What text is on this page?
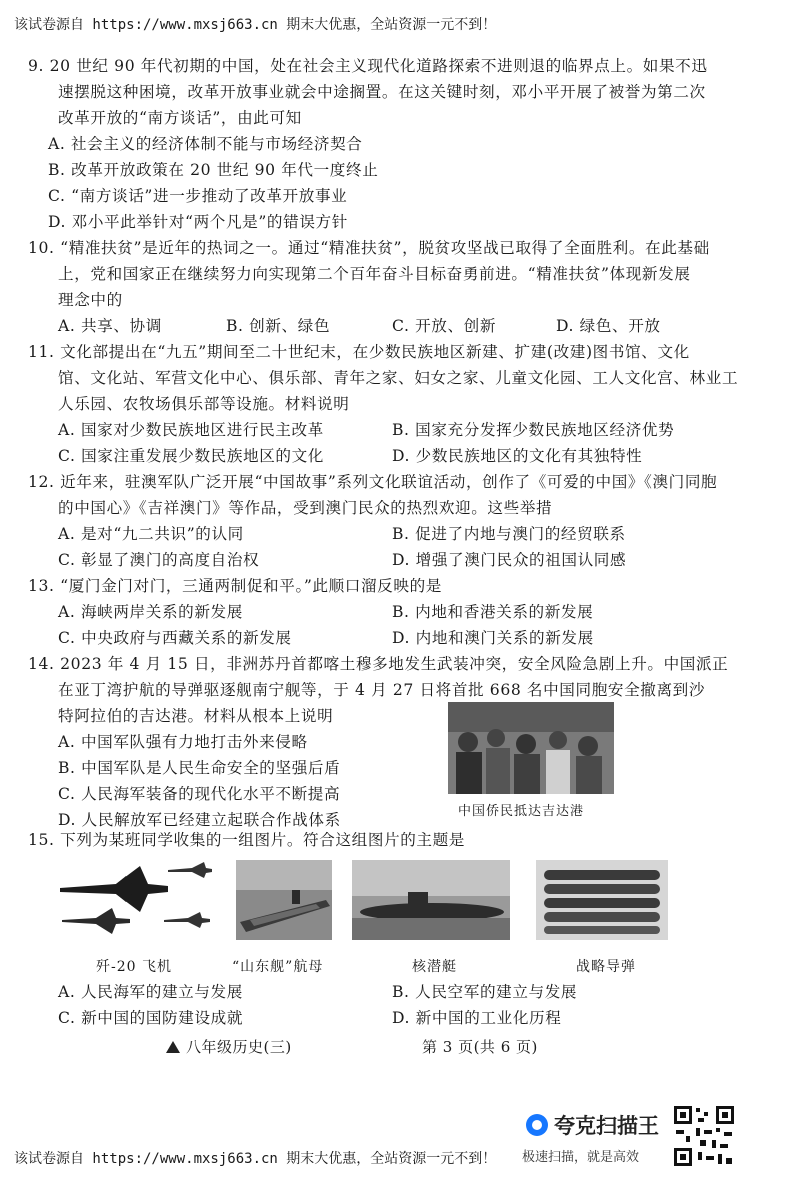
该试卷源自 https://www.mxsj663.cn 期末大优惠，全站资源一元不到！
9. 20 世纪 90 年代初期的中国，处在社会主义现代化道路探索不进则退的临界点上。如果不迅
速摆脱这种困境，改革开放事业就会中途搁置。在这关键时刻，邓小平开展了被誉为第二次
改革开放的“南方谈话”，由此可知
A. 社会主义的经济体制不能与市场经济契合
B. 改革开放政策在 20 世纪 90 年代一度终止
C. “南方谈话”进一步推动了改革开放事业
D. 邓小平此举针对“两个凡是”的错误方针
10. “精准扶贫”是近年的热词之一。通过“精准扶贫”，脱贫攻坚战已取得了全面胜利。在此基础
上，党和国家正在继续努力向实现第二个百年奋斗目标奋勇前进。“精准扶贫”体现新发展
理念中的
A. 共享、协调	B. 创新、绿色	C. 开放、创新	D. 绿色、开放
11. 文化部提出在“九五”期间至二十世纪末，在少数民族地区新建、扩建(改建)图书馆、文化
馆、文化站、军营文化中心、俱乐部、青年之家、妇女之家、儿童文化园、工人文化宫、林业工
人乐园、农牧场俱乐部等设施。材料说明
A. 国家对少数民族地区进行民主改革	B. 国家充分发挥少数民族地区经济优势
C. 国家注重发展少数民族地区的文化	D. 少数民族地区的文化有其独特性
12. 近年来，驻澳军队广泛开展“中国故事”系列文化联谊活动，创作了《可爱的中国》《澳门同胞
的中国心》《吉祥澳门》等作品，受到澳门民众的热烈欢迎。这些举措
A. 是对“九二共识”的认同	B. 促进了内地与澳门的经贸联系
C. 彰显了澳门的高度自治权	D. 增强了澳门民众的祖国认同感
13. “厦门金门对门，三通两制促和平。”此顺口溜反映的是
A. 海峡两岸关系的新发展	B. 内地和香港关系的新发展
C. 中央政府与西藏关系的新发展	D. 内地和澳门关系的新发展
14. 2023 年 4 月 15 日，非洲苏丹首都喀土穆多地发生武装冲突，安全风险急剧上升。中国派正
在亚丁湾护航的导弹驱逐舰南宁舰等，于 4 月 27 日将首批 668 名中国同胞安全撤离到沙
特阿拉伯的吉达港。材料从根本上说明
A. 中国军队强有力地打击外来侵略
B. 中国军队是人民生命安全的坚强后盾
C. 人民海军装备的现代化水平不断提高
D. 人民解放军已经建立起联合作战体系	中国侨民抵达吉达港
15. 下列为某班同学收集的一组图片。符合这组图片的主题是
歼-20 飞机	“山东舰”航母	核潜艇	战略导弹
A. 人民海军的建立与发展	B. 人民空军的建立与发展
C. 新中国的国防建设成就	D. 新中国的工业化历程
八年级历史(三)	第 3 页(共 6 页)
夸克扫描王
极速扫描，就是高效
该试卷源自 https://www.mxsj663.cn 期末大优惠，全站资源一元不到！
